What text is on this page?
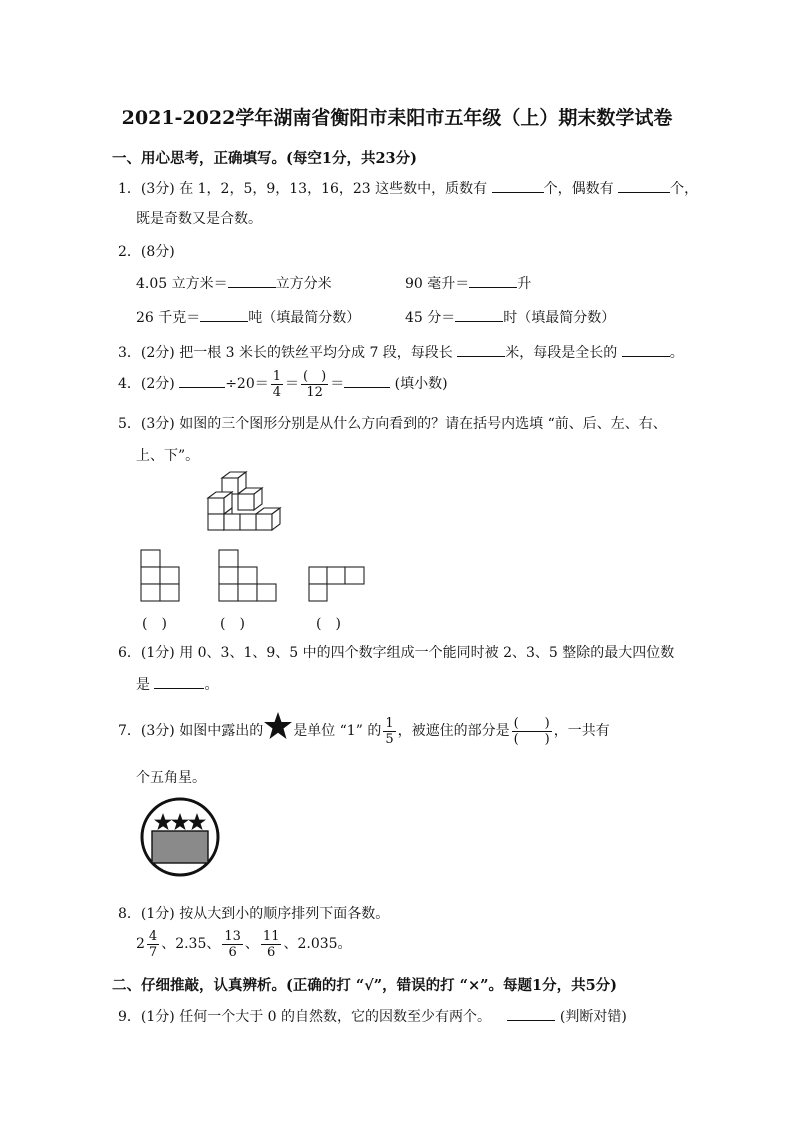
2021-2022学年湖南省衡阳市耒阳市五年级（上）期末数学试卷
一、用心思考，正确填写。(每空1分，共23分)
1．(3分) 在 1，2，5，9，13，16，23 这些数中，质数有	个，偶数有	个，
既是奇数又是合数。
2．(8分)
4.05 立方米＝	立方分米	90 毫升＝	升
26 千克＝	吨（填最简分数）	45 分＝	时（填最简分数）
3．(2分) 把一根 3 米长的铁丝平均分成 7 段，每段长	米，每段是全长的	。
4．(2分)	$\div 20= \frac{1}{4} = \frac{( )}{12}$ ＝	(填小数)
5．(3分) 如图的三个图形分别是从什么方向看到的？请在括号内选填 “前、后、左、右、
上、下”。
(　)	(　)	(　)
6．(1分) 用 0、3、1、9、5 中的四个数字组成一个能同时被 2、3、5 整除的最大四位数
是	。
7．(3分) 如图中露出的 是单位 “1” 的 $\frac{1}{5}$ ，被遮住的部分是 $\frac{( )}{( )}$ ，一共有
个五角星。
8．(1分) 按从大到小的顺序排列下面各数。
$2 \frac{4}{7}$ 、2.35、 $\frac{13}{6}$ 、 $\frac{11}{6}$ 、2.035。
二、仔细推敲，认真辨析。(正确的打 “√”，错误的打 “×”。每题1分，共5分)
9．(1分) 任何一个大于 0 的自然数，它的因数至少有两个。	(判断对错)
